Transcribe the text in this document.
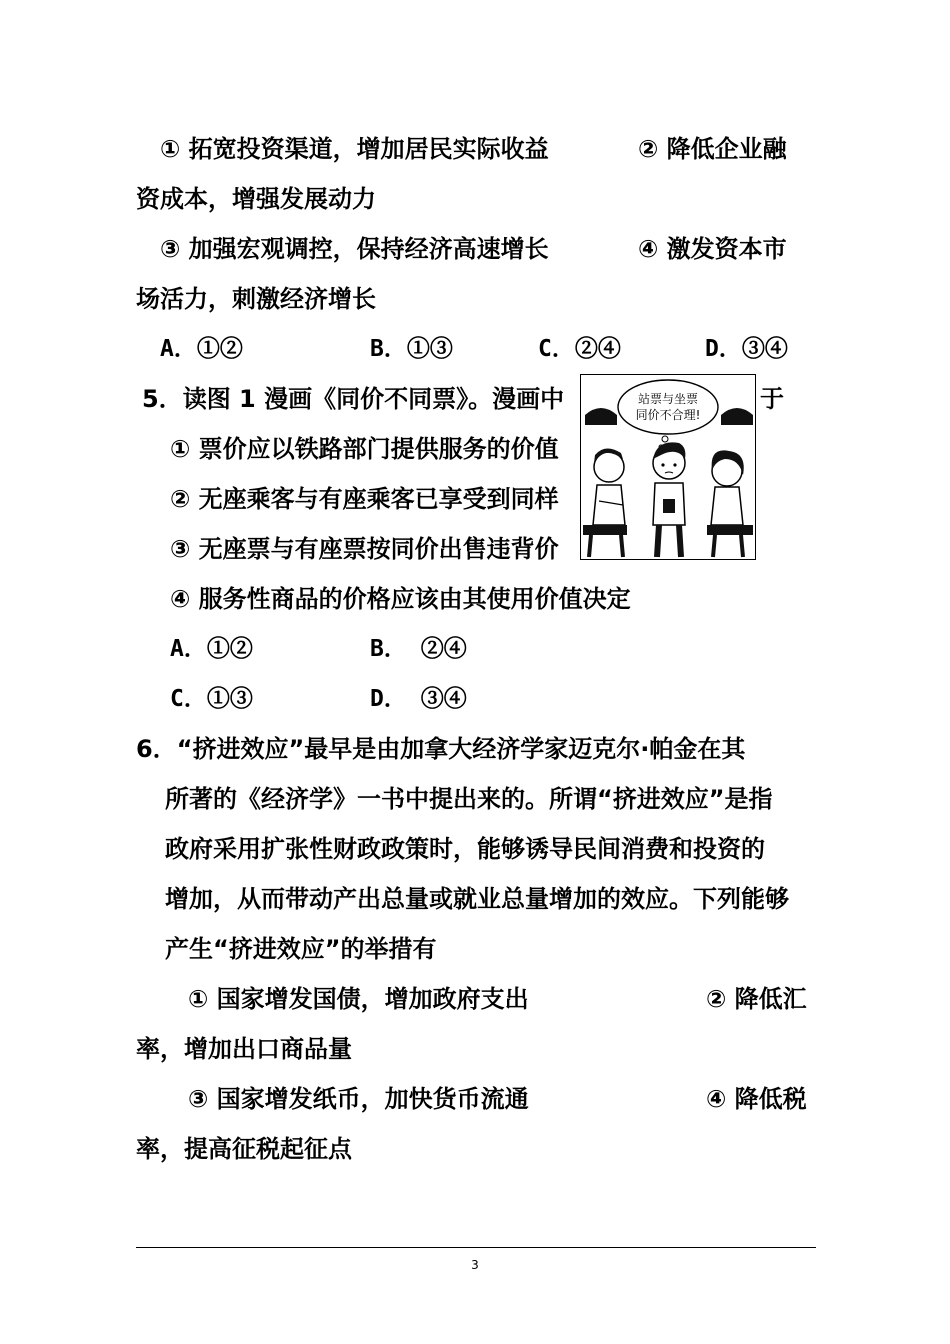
① 拓宽投资渠道，增加居民实际收益	② 降低企业融
资成本，增强发展动力
③ 加强宏观调控，保持经济高速增长	④ 激发资本市
场活力，刺激经济增长
A．①②	B．①③	C．②④	D．③④
5．读图 1 漫画《同价不同票》。漫画中	于
① 票价应以铁路部门提供服务的价值
② 无座乘客与有座乘客已享受到同样
③ 无座票与有座票按同价出售违背价
④ 服务性商品的价格应该由其使用价值决定
A．①②	B． ②④
C．①③	D． ③④
站票与坐票
同价不合理!
6．“挤进效应”最早是由加拿大经济学家迈克尔·帕金在其
所著的《经济学》一书中提出来的。所谓“挤进效应”是指
政府采用扩张性财政政策时，能够诱导民间消费和投资的
增加，从而带动产出总量或就业总量增加的效应。下列能够
产生“挤进效应”的举措有
① 国家增发国债，增加政府支出	② 降低汇
率，增加出口商品量
③ 国家增发纸币，加快货币流通	④ 降低税
率，提高征税起征点
3
